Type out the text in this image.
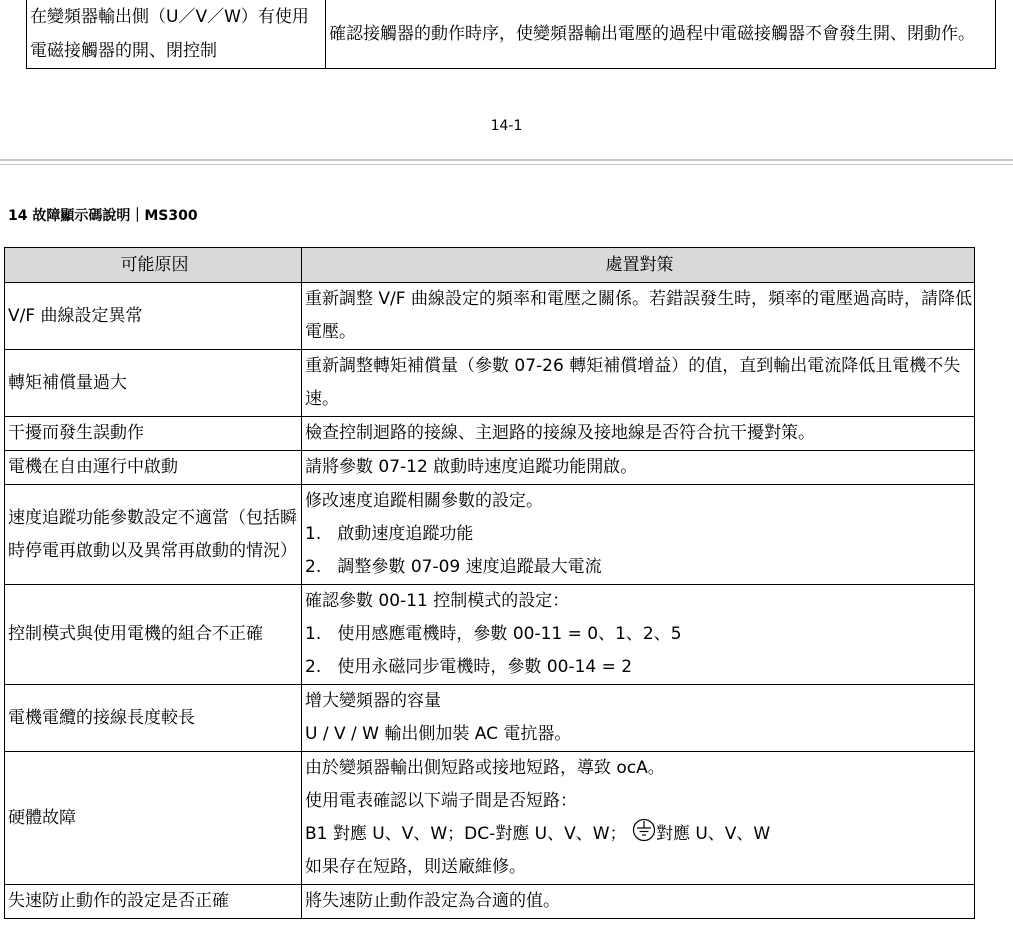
在變頻器輸出側（U／V／W）有使用電磁接觸器的開、閉控制	確認接觸器的動作時序，使變頻器輸出電壓的過程中電磁接觸器不會發生開、閉動作。
14-1
14 故障顯示碼說明｜MS300
可能原因	處置對策
V/F 曲線設定異常	重新調整 V/F 曲線設定的頻率和電壓之關係。若錯誤發生時，頻率的電壓過高時，請降低電壓。
轉矩補償量過大	重新調整轉矩補償量（參數 07-26 轉矩補償增益）的值，直到輸出電流降低且電機不失速。
干擾而發生誤動作	檢查控制迴路的接線、主迴路的接線及接地線是否符合抗干擾對策。
電機在自由運行中啟動	請將參數 07-12 啟動時速度追蹤功能開啟。
速度追蹤功能參數設定不適當（包括瞬時停電再啟動以及異常再啟動的情況）	修改速度追蹤相關參數的設定。
1.   啟動速度追蹤功能
2.   調整參數 07-09 速度追蹤最大電流

控制模式與使用電機的組合不正確	確認參數 00-11 控制模式的設定：
1.   使用感應電機時，參數 00-11 = 0、1、2、5
2.   使用永磁同步電機時，參數 00-14 = 2

電機電纜的接線長度較長	增大變頻器的容量
U / V / W 輸出側加裝 AC 電抗器。

硬體故障	由於變頻器輸出側短路或接地短路，導致 ocA。
使用電表確認以下端子間是否短路：
B1 對應 U、V、W；DC-對應 U、V、W； 對應 U、V、W
如果存在短路，則送廠維修。

失速防止動作的設定是否正確	將失速防止動作設定為合適的值。
